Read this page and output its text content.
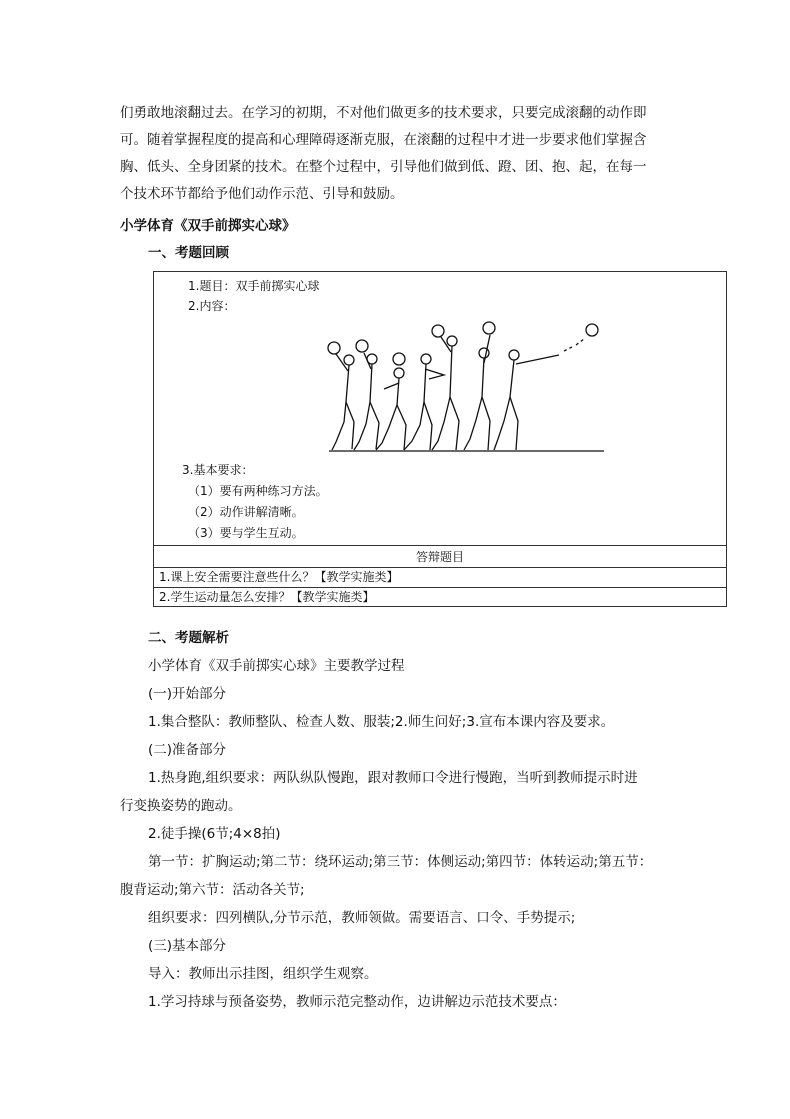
们勇敢地滚翻过去。在学习的初期，不对他们做更多的技术要求，只要完成滚翻的动作即
可。随着掌握程度的提高和心理障碍逐渐克服，在滚翻的过程中才进一步要求他们掌握含
胸、低头、全身团紧的技术。在整个过程中，引导他们做到低、蹬、团、抱、起，在每一
个技术环节都给予他们动作示范、引导和鼓励。
小学体育《双手前掷实心球》
一、考题回顾
1.题目：双手前掷实心球
2.内容：
3.基本要求：
（1）要有两种练习方法。
（2）动作讲解清晰。
（3）要与学生互动。
答辩题目
1.课上安全需要注意些什么？【教学实施类】
2.学生运动量怎么安排？【教学实施类】
二、考题解析
小学体育《双手前掷实心球》主要教学过程
(一)开始部分
1.集合整队：教师整队、检查人数、服装;2.师生问好;3.宣布本课内容及要求。
(二)准备部分
1.热身跑,组织要求：两队纵队慢跑，跟对教师口令进行慢跑，当听到教师提示时进
行变换姿势的跑动。
2.徒手操(6节;4×8拍)
第一节：扩胸运动;第二节：绕环运动;第三节：体侧运动;第四节：体转运动;第五节：
腹背运动;第六节：活动各关节;
组织要求：四列横队,分节示范，教师领做。需要语言、口令、手势提示;
(三)基本部分
导入：教师出示挂图，组织学生观察。
1.学习持球与预备姿势，教师示范完整动作，边讲解边示范技术要点：
